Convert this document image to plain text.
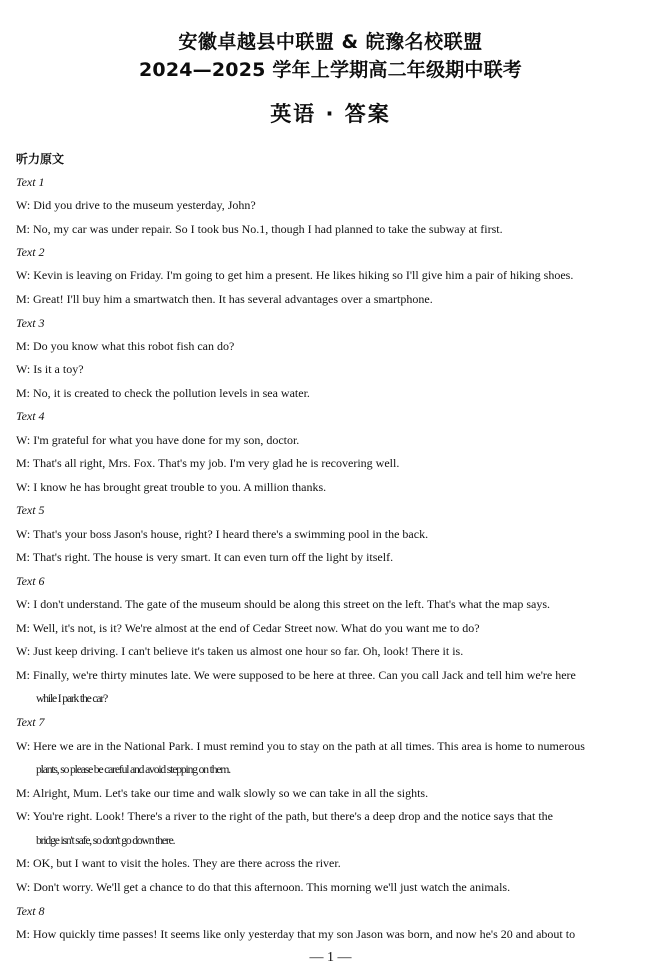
安徽卓越县中联盟 & 皖豫名校联盟
2024—2025 学年上学期高二年级期中联考
英语 · 答案
听力原文
Text 1
W: Did you drive to the museum yesterday, John?
M: No, my car was under repair. So I took bus No.1, though I had planned to take the subway at first.
Text 2
W: Kevin is leaving on Friday. I'm going to get him a present. He likes hiking so I'll give him a pair of hiking shoes.
M: Great! I'll buy him a smartwatch then. It has several advantages over a smartphone.
Text 3
M: Do you know what this robot fish can do?
W: Is it a toy?
M: No, it is created to check the pollution levels in sea water.
Text 4
W: I'm grateful for what you have done for my son, doctor.
M: That's all right, Mrs. Fox. That's my job. I'm very glad he is recovering well.
W: I know he has brought great trouble to you. A million thanks.
Text 5
W: That's your boss Jason's house, right? I heard there's a swimming pool in the back.
M: That's right. The house is very smart. It can even turn off the light by itself.
Text 6
W: I don't understand. The gate of the museum should be along this street on the left. That's what the map says.
M: Well, it's not, is it? We're almost at the end of Cedar Street now. What do you want me to do?
W: Just keep driving. I can't believe it's taken us almost one hour so far. Oh, look! There it is.
M: Finally, we're thirty minutes late. We were supposed to be here at three. Can you call Jack and tell him we're here
while I park the car?
Text 7
W: Here we are in the National Park. I must remind you to stay on the path at all times. This area is home to numerous
plants, so please be careful and avoid stepping on them.
M: Alright, Mum. Let's take our time and walk slowly so we can take in all the sights.
W: You're right. Look! There's a river to the right of the path, but there's a deep drop and the notice says that the
bridge isn't safe, so don't go down there.
M: OK, but I want to visit the holes. They are there across the river.
W: Don't worry. We'll get a chance to do that this afternoon. This morning we'll just watch the animals.
Text 8
M: How quickly time passes! It seems like only yesterday that my son Jason was born, and now he's 20 and about to
— 1 —
